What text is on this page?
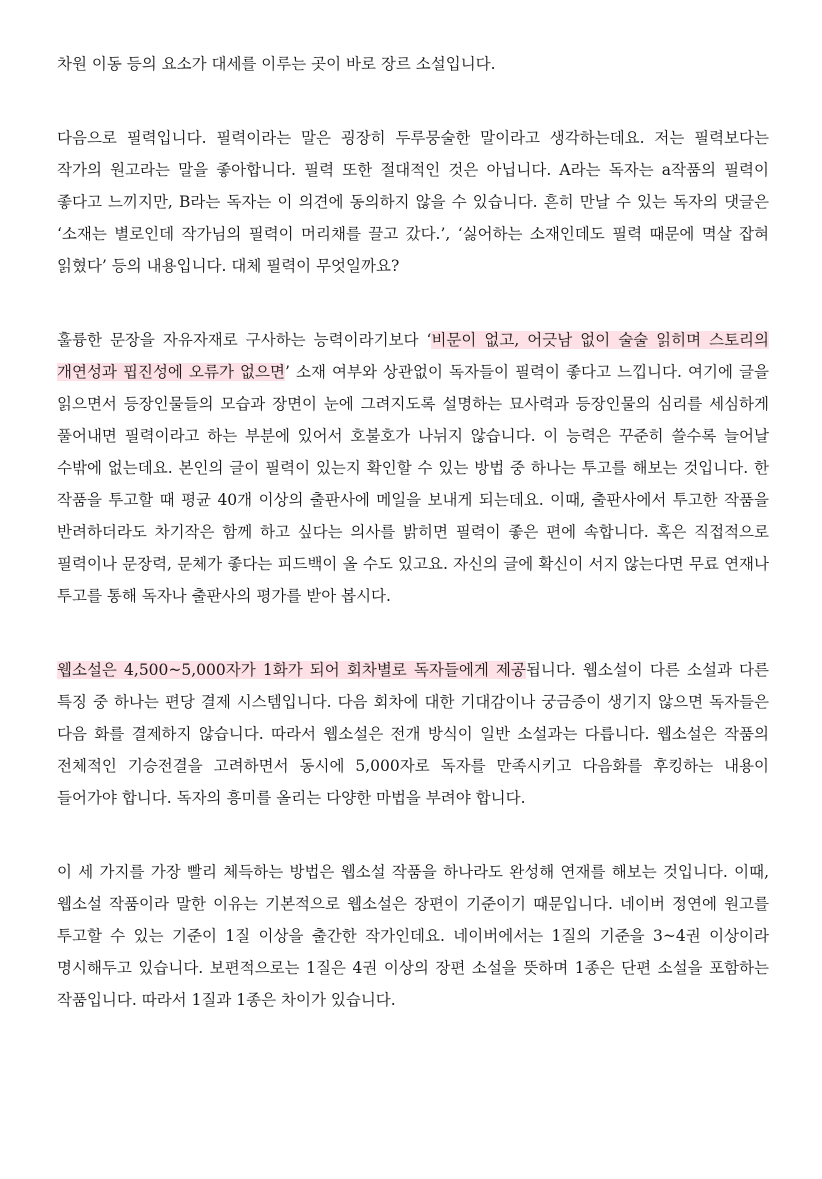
차원 이동 등의 요소가 대세를 이루는 곳이 바로 장르 소설입니다.

다음으로 필력입니다. 필력이라는 말은 굉장히 두루뭉술한 말이라고 생각하는데요. 저는 필력보다는 작가의 원고라는 말을 좋아합니다. 필력 또한 절대적인 것은 아닙니다. A라는 독자는 a작품의 필력이 좋다고 느끼지만, B라는 독자는 이 의견에 동의하지 않을 수 있습니다. 흔히 만날 수 있는 독자의 댓글은 ‘소재는 별로인데 작가님의 필력이 머리채를 끌고 갔다.’, ‘싫어하는 소재인데도 필력 때문에 멱살 잡혀 읽혔다’ 등의 내용입니다. 대체 필력이 무엇일까요?

훌륭한 문장을 자유자재로 구사하는 능력이라기보다 ‘비문이 없고, 어긋남 없이 술술 읽히며 스토리의 개연성과 핍진성에 오류가 없으면’ 소재 여부와 상관없이 독자들이 필력이 좋다고 느낍니다. 여기에 글을 읽으면서 등장인물들의 모습과 장면이 눈에 그려지도록 설명하는 묘사력과 등장인물의 심리를 세심하게 풀어내면 필력이라고 하는 부분에 있어서 호불호가 나뉘지 않습니다. 이 능력은 꾸준히 쓸수록 늘어날 수밖에 없는데요. 본인의 글이 필력이 있는지 확인할 수 있는 방법 중 하나는 투고를 해보는 것입니다. 한 작품을 투고할 때 평균 40개 이상의 출판사에 메일을 보내게 되는데요. 이때, 출판사에서 투고한 작품을 반려하더라도 차기작은 함께 하고 싶다는 의사를 밝히면 필력이 좋은 편에 속합니다. 혹은 직접적으로 필력이나 문장력, 문체가 좋다는 피드백이 올 수도 있고요. 자신의 글에 확신이 서지 않는다면 무료 연재나 투고를 통해 독자나 출판사의 평가를 받아 봅시다.

웹소설은 4,500~5,000자가 1화가 되어 회차별로 독자들에게 제공됩니다. 웹소설이 다른 소설과 다른 특징 중 하나는 편당 결제 시스템입니다. 다음 회차에 대한 기대감이나 궁금증이 생기지 않으면 독자들은 다음 화를 결제하지 않습니다. 따라서 웹소설은 전개 방식이 일반 소설과는 다릅니다. 웹소설은 작품의 전체적인 기승전결을 고려하면서 동시에 5,000자로 독자를 만족시키고 다음화를 후킹하는 내용이 들어가야 합니다. 독자의 흥미를 올리는 다양한 마법을 부려야 합니다.

이 세 가지를 가장 빨리 체득하는 방법은 웹소설 작품을 하나라도 완성해 연재를 해보는 것입니다. 이때, 웹소설 작품이라 말한 이유는 기본적으로 웹소설은 장편이 기준이기 때문입니다. 네이버 정연에 원고를 투고할 수 있는 기준이 1질 이상을 출간한 작가인데요. 네이버에서는 1질의 기준을 3~4권 이상이라 명시해두고 있습니다. 보편적으로는 1질은 4권 이상의 장편 소설을 뜻하며 1종은 단편 소설을 포함하는 작품입니다. 따라서 1질과 1종은 차이가 있습니다.
